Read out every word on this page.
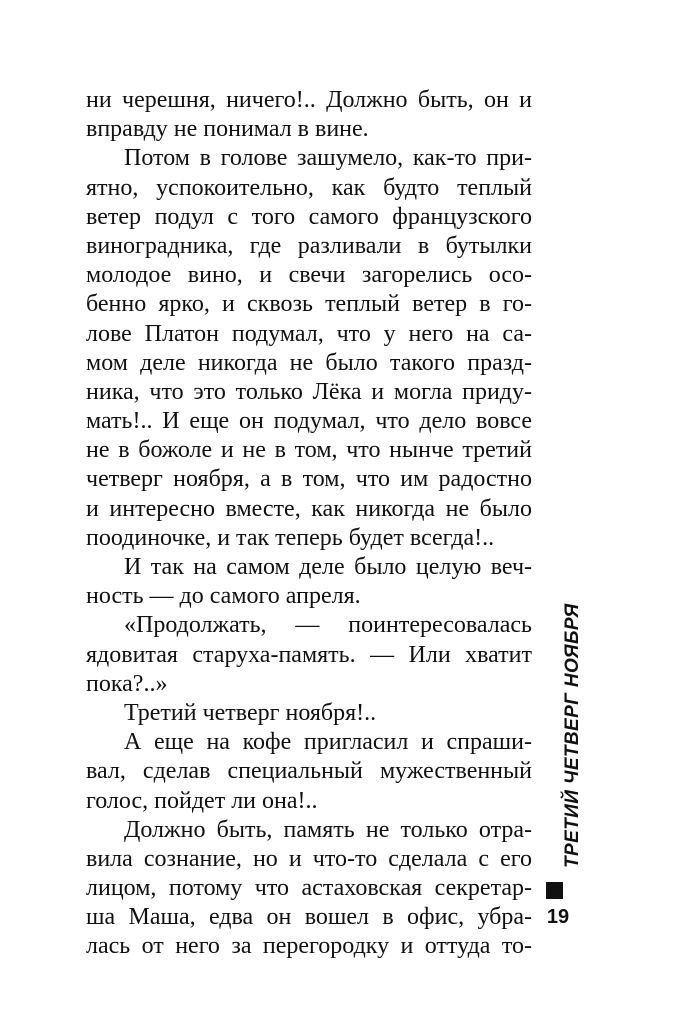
ни черешня, ничего!.. Должно быть, он и
вправду не понимал в вине.
Потом в голове зашумело, как-то при-
ятно, успокоительно, как будто теплый
ветер подул с того самого французского
виноградника, где разливали в бутылки
молодое вино, и свечи загорелись осо-
бенно ярко, и сквозь теплый ветер в го-
лове Платон подумал, что у него на са-
мом деле никогда не было такого празд-
ника, что это только Лёка и могла приду-
мать!.. И еще он подумал, что дело вовсе
не в божоле и не в том, что нынче третий
четверг ноября, а в том, что им радостно
и интересно вместе, как никогда не было
поодиночке, и так теперь будет всегда!..
И так на самом деле было целую веч-
ность — до самого апреля.
«Продолжать, — поинтересовалась
ядовитая старуха-память. — Или хватит
пока?..»
Третий четверг ноября!..
А еще на кофе пригласил и спраши-
вал, сделав специальный мужественный
голос, пойдет ли она!..
Должно быть, память не только отра-
вила сознание, но и что-то сделала с его
лицом, потому что астаховская секретар-
ша Маша, едва он вошел в офис, убра-
лась от него за перегородку и оттуда то-
ТРЕТИЙ ЧЕТВЕРГ НОЯБРЯ
19
